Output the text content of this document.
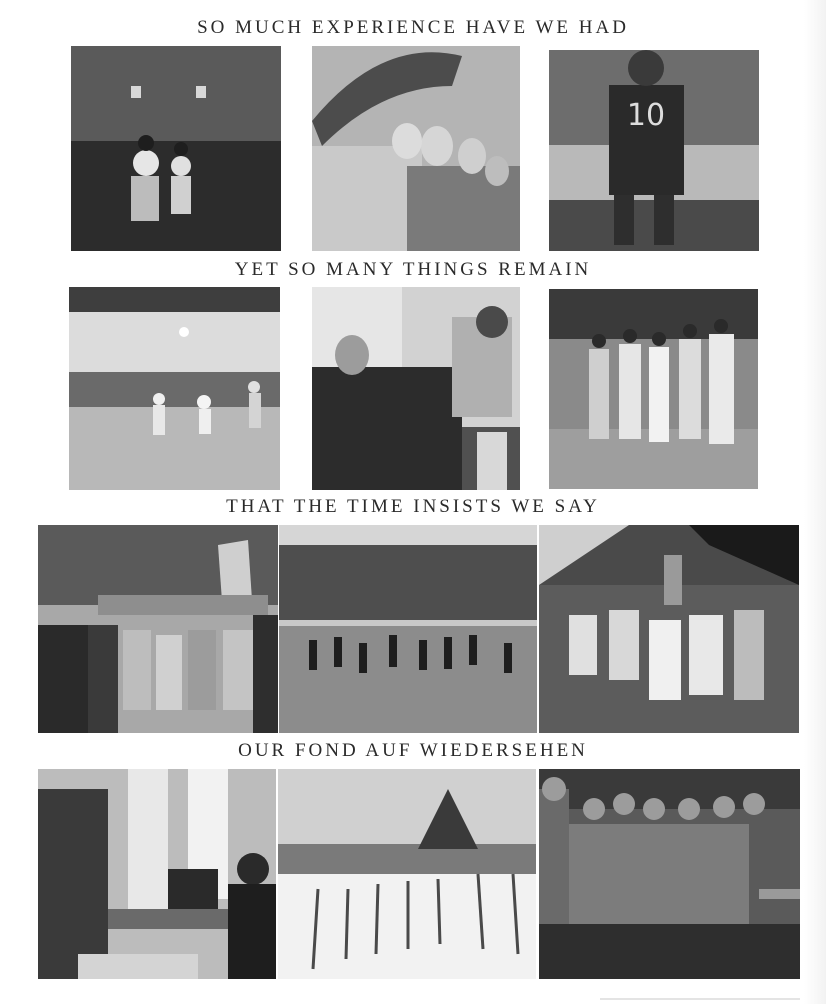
SO MUCH EXPERIENCE HAVE WE HAD
10
YET SO MANY THINGS REMAIN
THAT THE TIME INSISTS WE SAY
OUR FOND AUF WIEDERSEHEN
